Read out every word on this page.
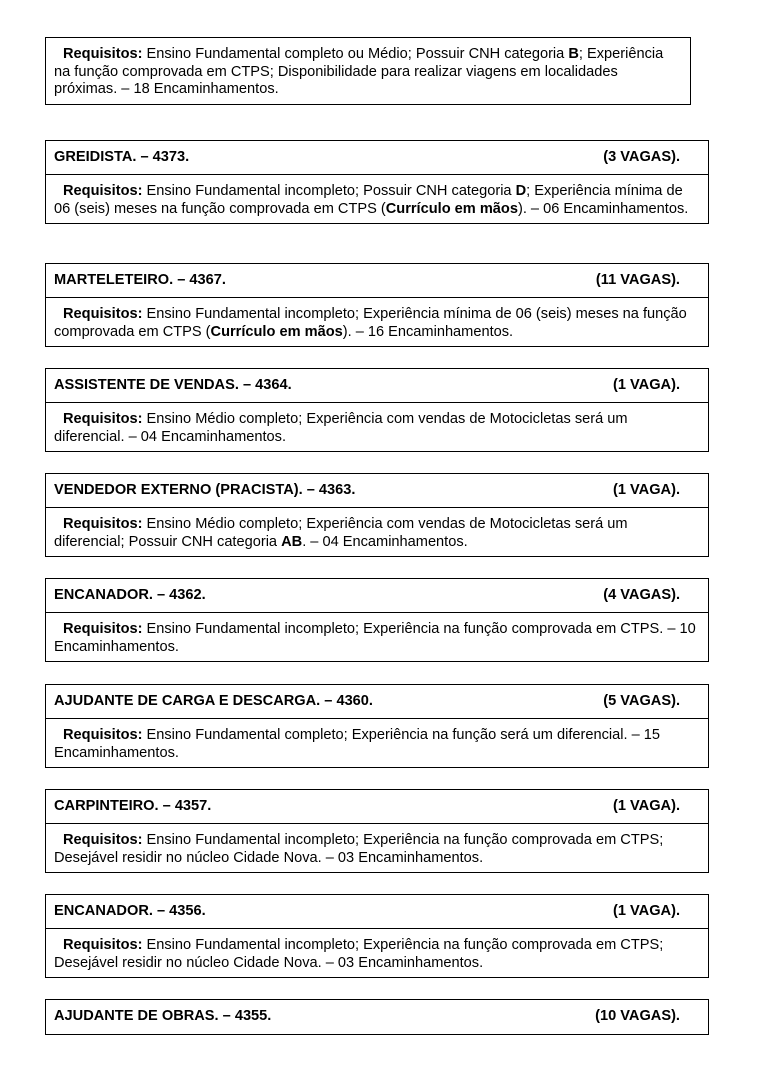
Requisitos: Ensino Fundamental completo ou Médio; Possuir CNH categoria B; Experiência na função comprovada em CTPS; Disponibilidade para realizar viagens em localidades próximas. – 18 Encaminhamentos.
GREIDISTA. – 4373.	(3 VAGAS).
Requisitos: Ensino Fundamental incompleto; Possuir CNH categoria D; Experiência mínima de 06 (seis) meses na função comprovada em CTPS (Currículo em mãos). – 06 Encaminhamentos.
MARTELETEIRO. – 4367.	(11 VAGAS).
Requisitos: Ensino Fundamental incompleto; Experiência mínima de 06 (seis) meses na função comprovada em CTPS (Currículo em mãos). – 16 Encaminhamentos.
ASSISTENTE DE VENDAS. – 4364.	(1 VAGA).
Requisitos: Ensino Médio completo; Experiência com vendas de Motocicletas será um diferencial. – 04 Encaminhamentos.
VENDEDOR EXTERNO (PRACISTA). – 4363.	(1 VAGA).
Requisitos: Ensino Médio completo; Experiência com vendas de Motocicletas será um diferencial; Possuir CNH categoria AB. – 04 Encaminhamentos.
ENCANADOR. – 4362.	(4 VAGAS).
Requisitos: Ensino Fundamental incompleto; Experiência na função comprovada em CTPS. – 10 Encaminhamentos.
AJUDANTE DE CARGA E DESCARGA. – 4360.	(5 VAGAS).
Requisitos: Ensino Fundamental completo; Experiência na função será um diferencial. – 15 Encaminhamentos.
CARPINTEIRO. – 4357.	(1 VAGA).
Requisitos: Ensino Fundamental incompleto; Experiência na função comprovada em CTPS; Desejável residir no núcleo Cidade Nova. – 03 Encaminhamentos.
ENCANADOR. – 4356.	(1 VAGA).
Requisitos: Ensino Fundamental incompleto; Experiência na função comprovada em CTPS; Desejável residir no núcleo Cidade Nova. – 03 Encaminhamentos.
AJUDANTE DE OBRAS. – 4355.	(10 VAGAS).
